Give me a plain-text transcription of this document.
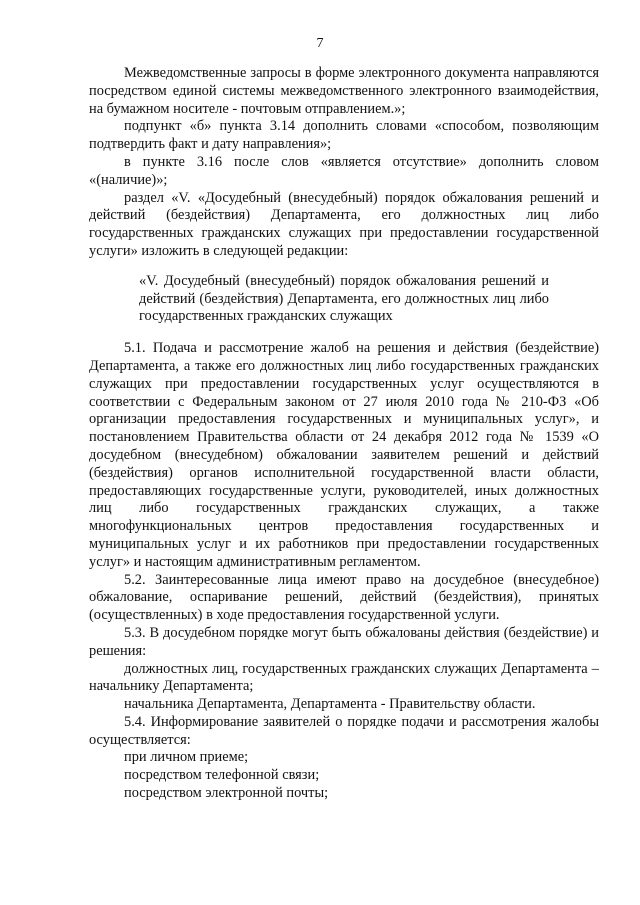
7

Межведомственные запросы в форме электронного документа направляются посредством единой системы межведомственного электронного взаимодействия, на бумажном носителе - почтовым отправлением.»;

подпункт «б» пункта 3.14 дополнить словами «способом, позволяющим подтвердить факт и дату направления»;

в пункте 3.16 после слов «является отсутствие» дополнить словом «(наличие)»;

раздел «V. «Досудебный (внесудебный) порядок обжалования решений и действий (бездействия) Департамента, его должностных лиц либо государственных гражданских служащих при предоставлении государственной услуги» изложить в следующей редакции:

«V. Досудебный (внесудебный) порядок обжалования решений и действий (бездействия) Департамента, его должностных лиц либо государственных гражданских служащих

5.1. Подача и рассмотрение жалоб на решения и действия (бездействие) Департамента, а также его должностных лиц либо государственных гражданских служащих при предоставлении государственных услуг осуществляются в соответствии с Федеральным законом от 27 июля 2010 года № 210-ФЗ «Об организации предоставления государственных и муниципальных услуг», и постановлением Правительства области от 24 декабря 2012 года № 1539 «О досудебном (внесудебном) обжаловании заявителем решений и действий (бездействия) органов исполнительной государственной власти области, предоставляющих государственные услуги, руководителей, иных должностных лиц либо государственных гражданских служащих, а также многофункциональных центров предоставления государственных и муниципальных услуг и их работников при предоставлении государственных услуг» и настоящим административным регламентом.

5.2. Заинтересованные лица имеют право на досудебное (внесудебное) обжалование, оспаривание решений, действий (бездействия), принятых (осуществленных) в ходе предоставления государственной услуги.

5.3. В досудебном порядке могут быть обжалованы действия (бездействие) и решения:

должностных лиц, государственных гражданских служащих Департамента – начальнику Департамента;

начальника Департамента, Департамента - Правительству области.

5.4. Информирование заявителей о порядке подачи и рассмотрения жалобы осуществляется:

при личном приеме;

посредством телефонной связи;

посредством электронной почты;
